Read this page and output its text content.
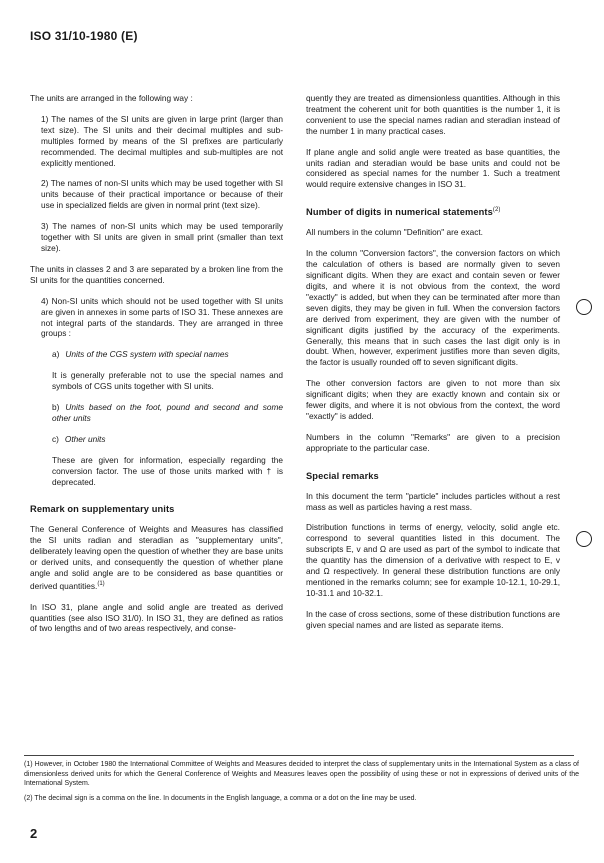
ISO 31/10-1980 (E)

The units are arranged in the following way :

1) The names of the SI units are given in large print (larger than text size). The SI units and their decimal multiples and sub-multiples formed by means of the SI prefixes are particularly recommended. The decimal multiples and sub-multiples are not explicitly mentioned.

2) The names of non-SI units which may be used together with SI units because of their practical importance or because of their use in specialized fields are given in normal print (text size).

3) The names of non-SI units which may be used temporarily together with SI units are given in small print (smaller than text size).

The units in classes 2 and 3 are separated by a broken line from the SI units for the quantities concerned.

4) Non-SI units which should not be used together with SI units are given in annexes in some parts of ISO 31. These annexes are not integral parts of the standards. They are arranged in three groups :

a) Units of the CGS system with special names

It is generally preferable not to use the special names and symbols of CGS units together with SI units.

b) Units based on the foot, pound and second and some other units

c) Other units

These are given for information, especially regarding the conversion factor. The use of those units marked with † is deprecated.

Remark on supplementary units

The General Conference of Weights and Measures has classified the SI units radian and steradian as "supplementary units", deliberately leaving open the question of whether they are base units or derived units, and consequently the question of whether plane angle and solid angle are to be considered as base quantities or derived quantities.$^{(1)}$

In ISO 31, plane angle and solid angle are treated as derived quantities (see also ISO 31/0). In ISO 31, they are defined as ratios of two lengths and of two areas respectively, and conse-

quently they are treated as dimensionless quantities. Although in this treatment the coherent unit for both quantities is the number 1, it is convenient to use the special names radian and steradian instead of the number 1 in many practical cases.

If plane angle and solid angle were treated as base quantities, the units radian and steradian would be base units and could not be considered as special names for the number 1. Such a treatment would require extensive changes in ISO 31.

Number of digits in numerical statements$^{(2)}$

All numbers in the column "Definition" are exact.

In the column "Conversion factors", the conversion factors on which the calculation of others is based are normally given to seven significant digits. When they are exact and contain seven or fewer digits, and where it is not obvious from the context, the word "exactly" is added, but when they can be terminated after more than seven digits, they may be given in full. When the conversion factors are derived from experiment, they are given with the number of significant digits justified by the accuracy of the experiments. Generally, this means that in such cases the last digit only is in doubt. When, however, experiment justifies more than seven digits, the factor is usually rounded off to seven significant digits.

The other conversion factors are given to not more than six significant digits; when they are exactly known and contain six or fewer digits, and where it is not obvious from the context, the word "exactly" is added.

Numbers in the column "Remarks" are given to a precision appropriate to the particular case.

Special remarks

In this document the term "particle" includes particles without a rest mass as well as particles having a rest mass.

Distribution functions in terms of energy, velocity, solid angle etc. correspond to several quantities listed in this document. The subscripts E, v and Ω are used as part of the symbol to indicate that the quantity has the dimension of a derivative with respect to E, v and Ω respectively. In general these distribution functions are only mentioned in the remarks column; see for example 10-12.1, 10-29.1, 10-31.1 and 10-32.1.

In the case of cross sections, some of these distribution functions are given special names and are listed as separate items.

(1) However, in October 1980 the International Committee of Weights and Measures decided to interpret the class of supplementary units in the International System as a class of dimensionless derived units for which the General Conference of Weights and Measures leaves open the possibility of using these or not in expressions of derived units of the International System.

(2) The decimal sign is a comma on the line. In documents in the English language, a comma or a dot on the line may be used.

2
